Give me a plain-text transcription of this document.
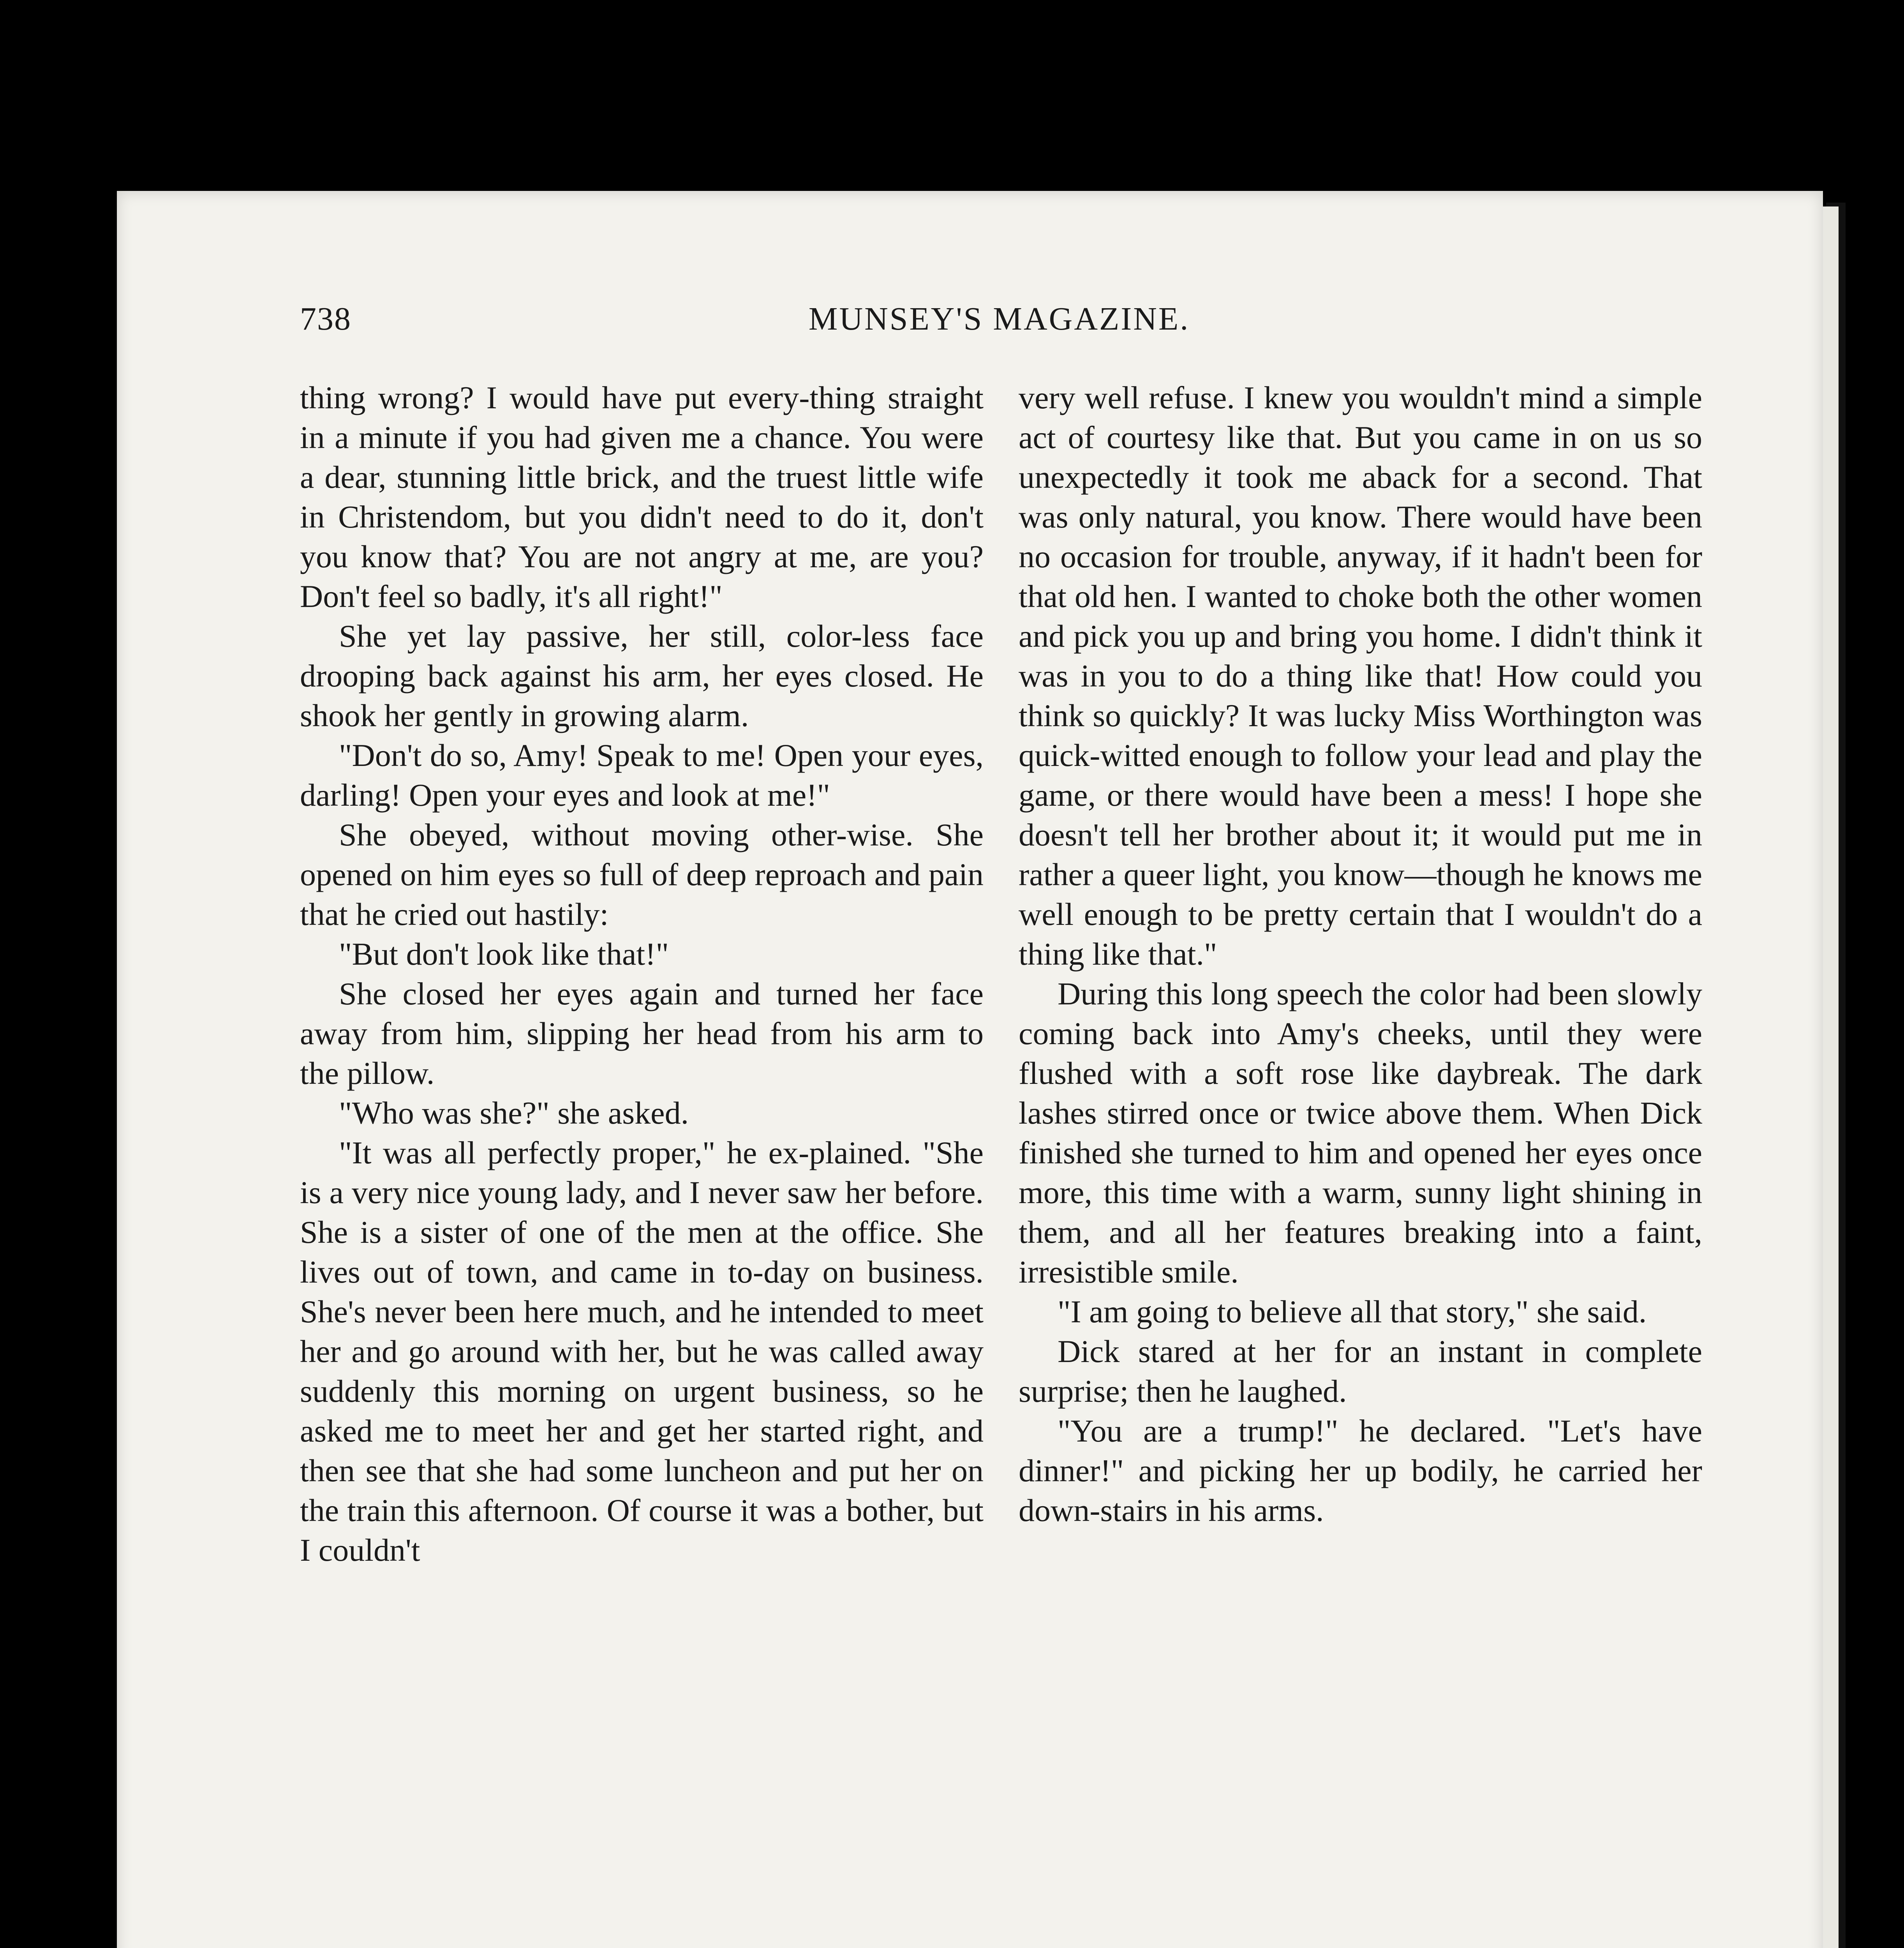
738	MUNSEY'S MAGAZINE.

thing wrong? I would have put every-thing straight in a minute if you had given me a chance. You were a dear, stunning little brick, and the truest little wife in Christendom, but you didn't need to do it, don't you know that? You are not angry at me, are you? Don't feel so badly, it's all right!"

She yet lay passive, her still, color-less face drooping back against his arm, her eyes closed. He shook her gently in growing alarm.

"Don't do so, Amy! Speak to me! Open your eyes, darling! Open your eyes and look at me!"

She obeyed, without moving other-wise. She opened on him eyes so full of deep reproach and pain that he cried out hastily:

"But don't look like that!"

She closed her eyes again and turned her face away from him, slipping her head from his arm to the pillow.

"Who was she?" she asked.

"It was all perfectly proper," he ex-plained. "She is a very nice young lady, and I never saw her before. She is a sister of one of the men at the office. She lives out of town, and came in to-day on business. She's never been here much, and he intended to meet her and go around with her, but he was called away suddenly this morning on urgent business, so he asked me to meet her and get her started right, and then see that she had some luncheon and put her on the train this afternoon. Of course it was a bother, but I couldn't

very well refuse. I knew you wouldn't mind a simple act of courtesy like that. But you came in on us so unexpectedly it took me aback for a second. That was only natural, you know. There would have been no occasion for trouble, anyway, if it hadn't been for that old hen. I wanted to choke both the other women and pick you up and bring you home. I didn't think it was in you to do a thing like that! How could you think so quickly? It was lucky Miss Worthington was quick-witted enough to follow your lead and play the game, or there would have been a mess! I hope she doesn't tell her brother about it; it would put me in rather a queer light, you know—though he knows me well enough to be pretty certain that I wouldn't do a thing like that."

During this long speech the color had been slowly coming back into Amy's cheeks, until they were flushed with a soft rose like daybreak. The dark lashes stirred once or twice above them. When Dick finished she turned to him and opened her eyes once more, this time with a warm, sunny light shining in them, and all her features breaking into a faint, irresistible smile.

"I am going to believe all that story," she said.

Dick stared at her for an instant in complete surprise; then he laughed.

"You are a trump!" he declared. "Let's have dinner!" and picking her up bodily, he carried her down-stairs in his arms.
